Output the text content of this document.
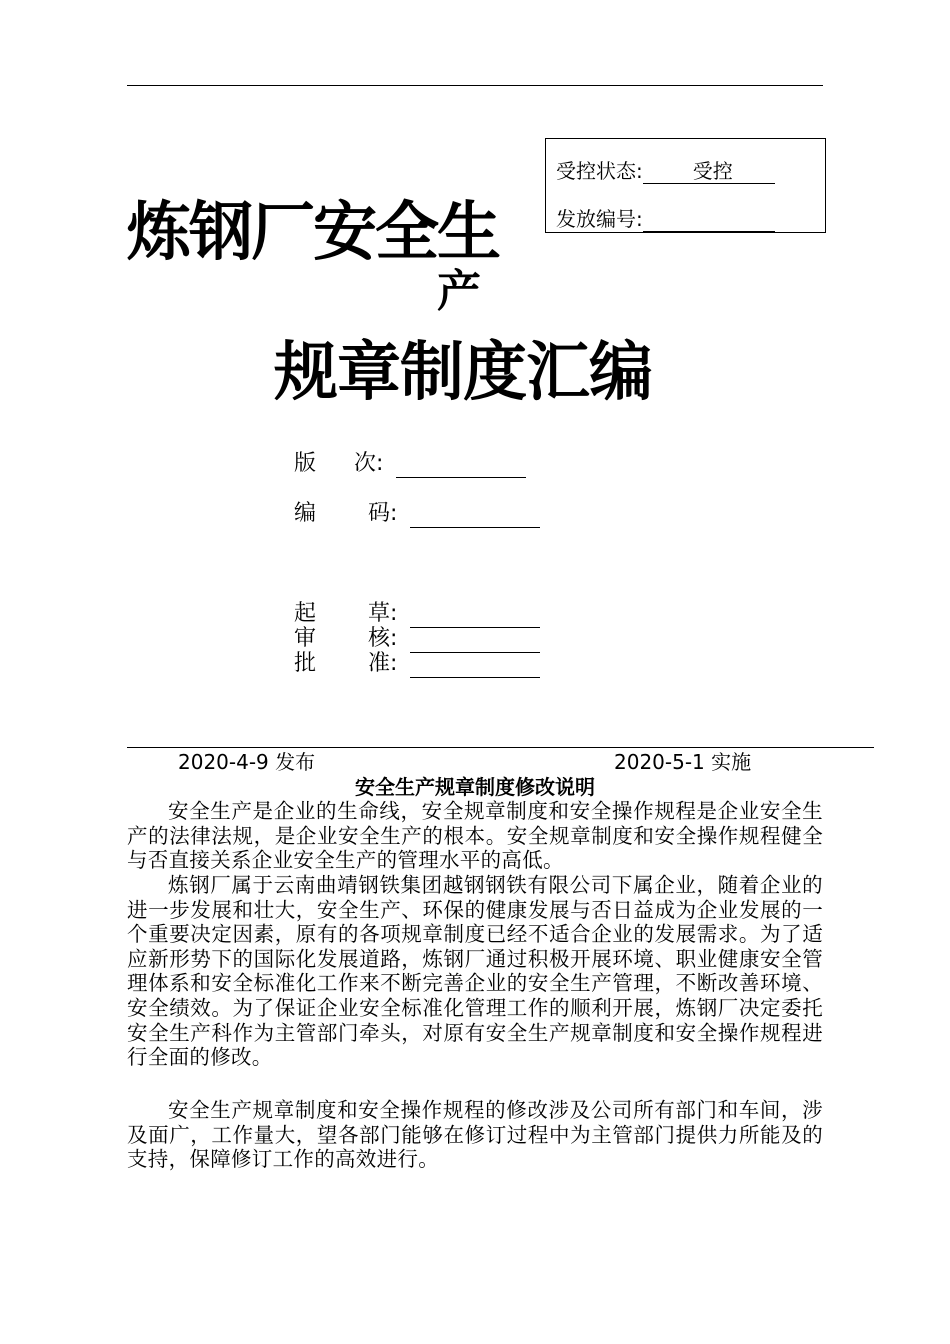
受控状态:	受控
发放编号:
炼钢厂安全生
产
规章制度汇编
版 次:
编 码:
起 草:
审 核:
批 准:
2020-4-9 发布	2020-5-1 实施
安全生产规章制度修改说明

安全生产是企业的生命线，安全规章制度和安全操作规程是企业安全生产的法律法规，是企业安全生产的根本。安全规章制度和安全操作规程健全与否直接关系企业安全生产的管理水平的高低。

炼钢厂属于云南曲靖钢铁集团越钢钢铁有限公司下属企业，随着企业的进一步发展和壮大，安全生产、环保的健康发展与否日益成为企业发展的一个重要决定因素，原有的各项规章制度已经不适合企业的发展需求。为了适应新形势下的国际化发展道路，炼钢厂通过积极开展环境、职业健康安全管理体系和安全标准化工作来不断完善企业的安全生产管理，不断改善环境、安全绩效。为了保证企业安全标准化管理工作的顺利开展，炼钢厂决定委托安全生产科作为主管部门牵头，对原有安全生产规章制度和安全操作规程进行全面的修改。

安全生产规章制度和安全操作规程的修改涉及公司所有部门和车间，涉及面广，工作量大，望各部门能够在修订过程中为主管部门提供力所能及的支持，保障修订工作的高效进行。
